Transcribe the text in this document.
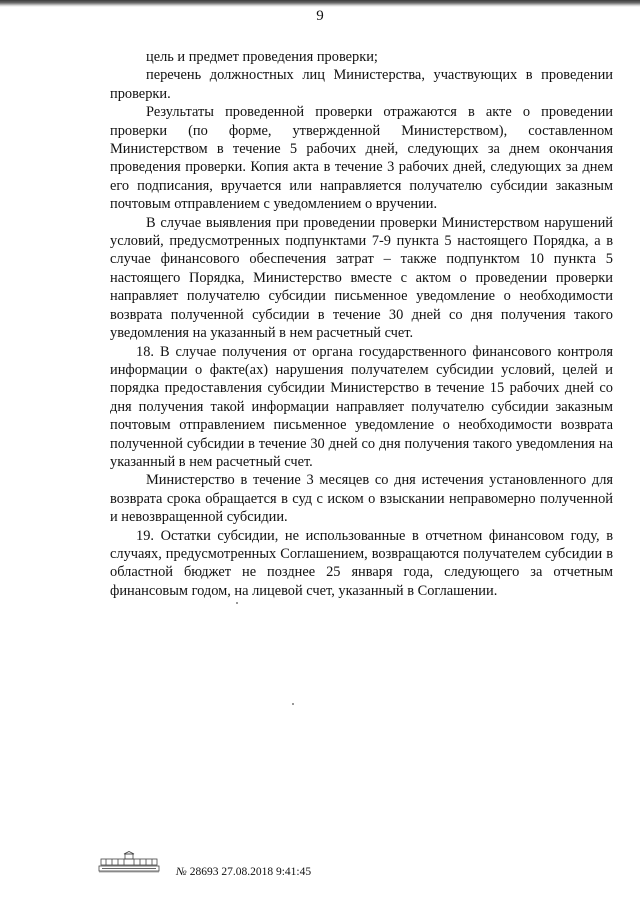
9

цель и предмет проведения проверки;

перечень должностных лиц Министерства, участвующих в проведении проверки.

Результаты проведенной проверки отражаются в акте о проведении проверки (по форме, утвержденной Министерством), составленном Министерством в течение 5 рабочих дней, следующих за днем окончания проведения проверки. Копия акта в течение 3 рабочих дней, следующих за днем его подписания, вручается или направляется получателю субсидии заказным почтовым отправлением с уведомлением о вручении.

В случае выявления при проведении проверки Министерством нарушений условий, предусмотренных подпунктами 7-9 пункта 5 настоящего Порядка, а в случае финансового обеспечения затрат – также подпунктом 10 пункта 5 настоящего Порядка, Министерство вместе с актом о проведении проверки направляет получателю субсидии письменное уведомление о необходимости возврата полученной субсидии в течение 30 дней со дня получения такого уведомления на указанный в нем расчетный счет.

18. В случае получения от органа государственного финансового контроля информации о факте(ах) нарушения получателем субсидии условий, целей и порядка предоставления субсидии Министерство в течение 15 рабочих дней со дня получения такой информации направляет получателю субсидии заказным почтовым отправлением письменное уведомление о необходимости возврата полученной субсидии в течение 30 дней со дня получения такого уведомления на указанный в нем расчетный счет.

Министерство в течение 3 месяцев со дня истечения установленного для возврата срока обращается в суд с иском о взыскании неправомерно полученной и невозвращенной субсидии.

19. Остатки субсидии, не использованные в отчетном финансовом году, в случаях, предусмотренных Соглашением, возвращаются получателем субсидии в областной бюджет не позднее 25 января года, следующего за отчетным финансовым годом, на лицевой счет, указанный в Соглашении.

№ 28693 27.08.2018 9:41:45
